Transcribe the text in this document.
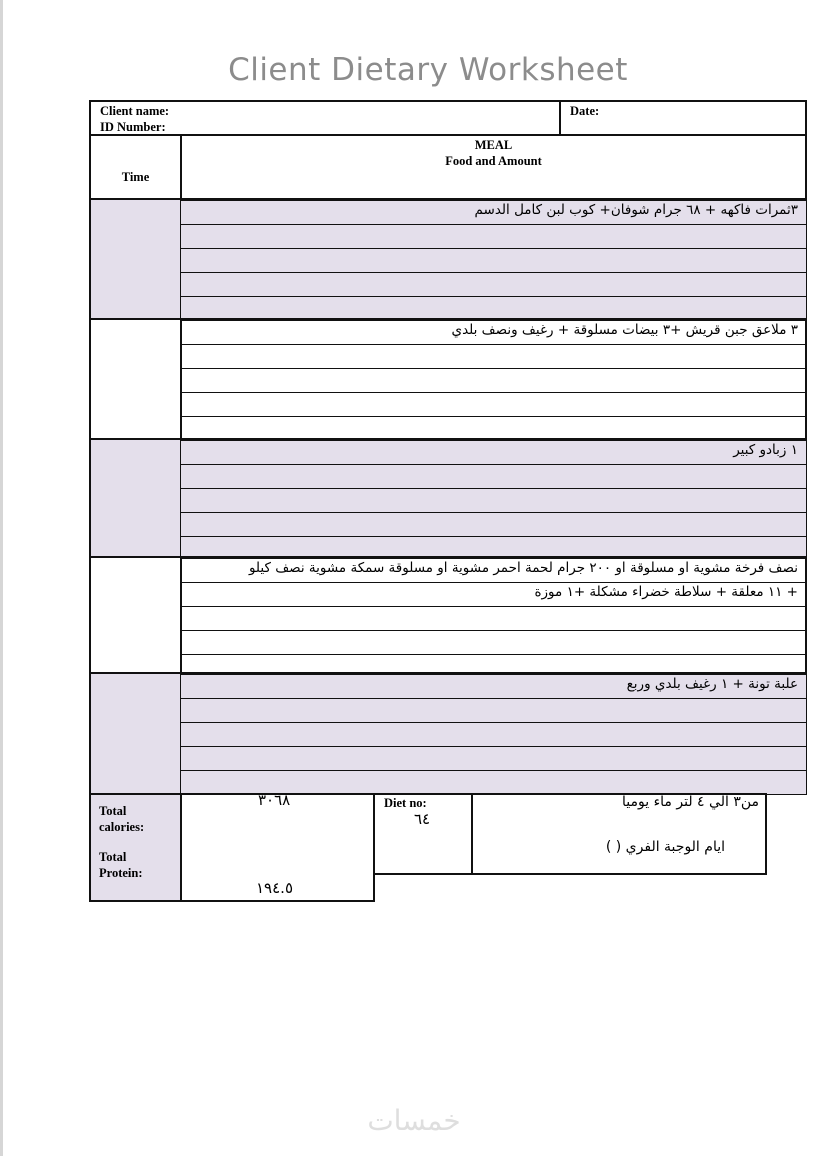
Client Dietary Worksheet
Client name:
ID Number:
Date:
Time
MEAL
Food and Amount
٣ثمرات فاكهه + ٦٨ جرام شوفان+ كوب لبن كامل الدسم
٣ ملاعق جبن قريش +٣ بيضات مسلوقة + رغيف ونصف بلدي
١ زبادو كبير
نصف فرخة مشوية او مسلوقة او ٢٠٠ جرام لحمة احمر مشوية او مسلوقة سمكة مشوية نصف كيلو
+ ١١ معلقة + سلاطة خضراء مشكلة +١ موزة
علبة تونة + ١ رغيف بلدي وربع
Total calories:
Total Protein:
٣٠٦٨
١٩٤.٥
Diet no:
٦٤
من٣ الي ٤ لتر ماء يوميا
ايام الوجبة الفري ( )
خمسات
